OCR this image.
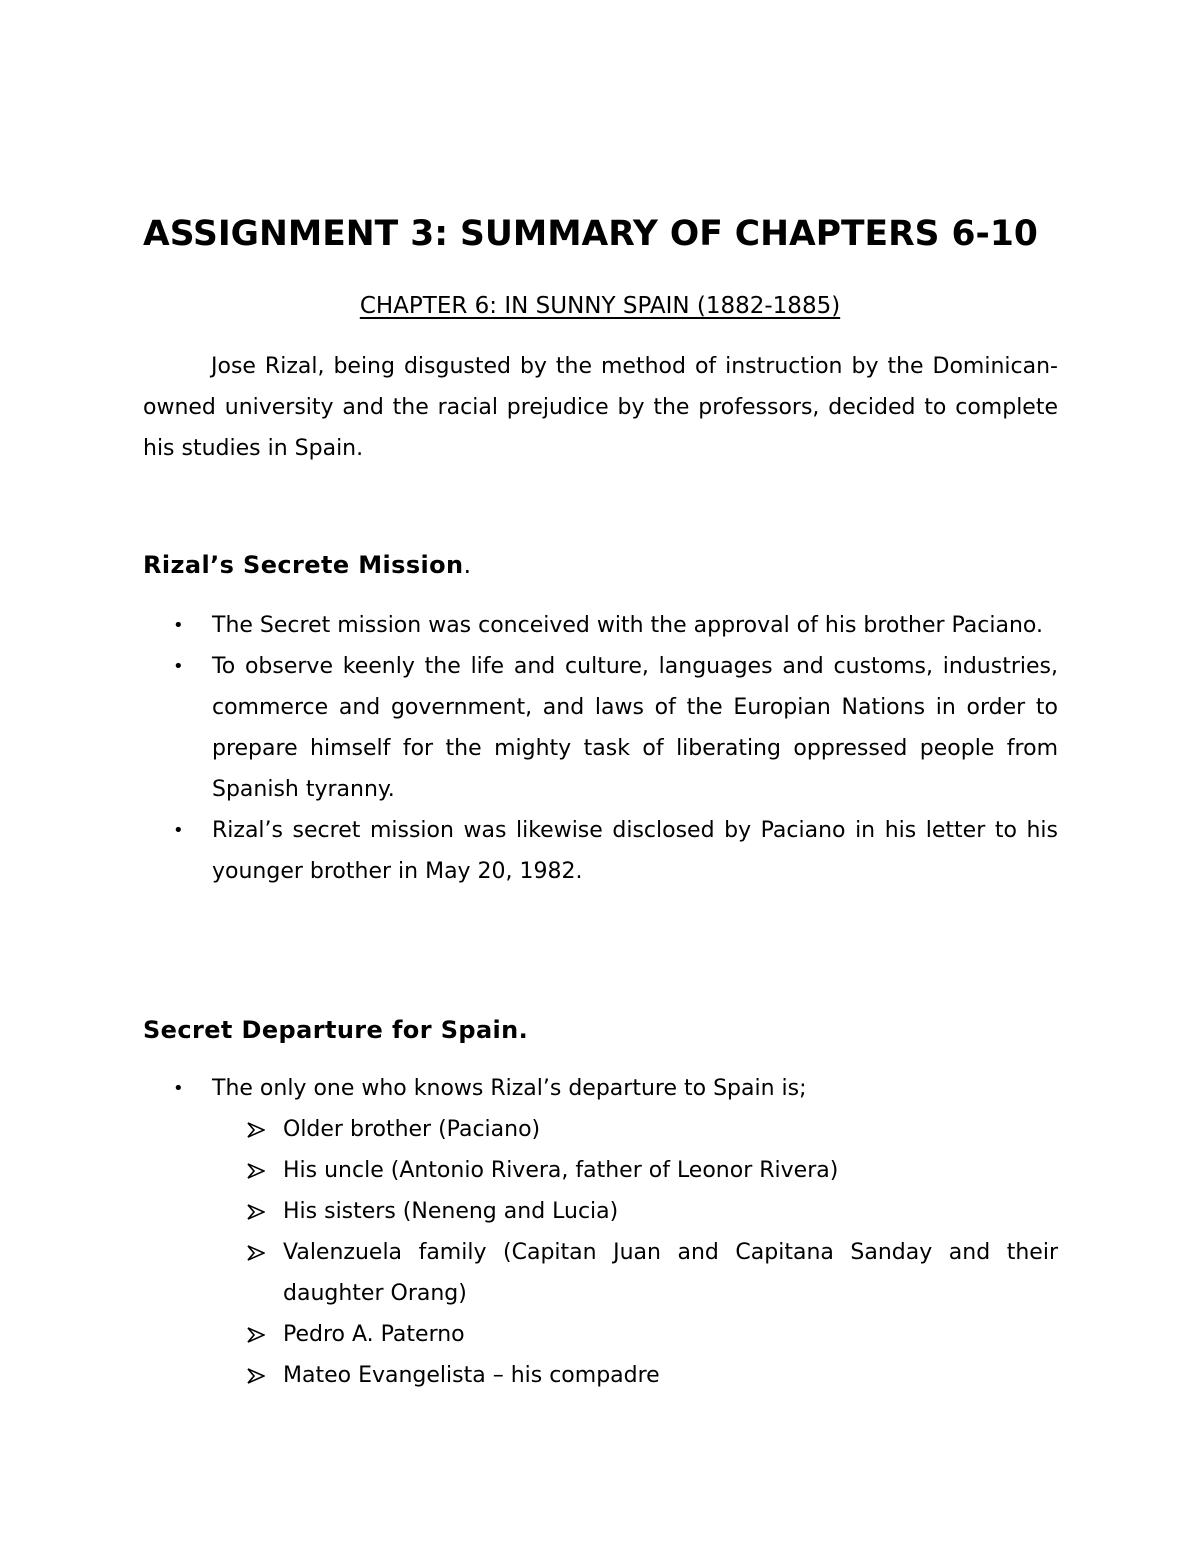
ASSIGNMENT 3: SUMMARY OF CHAPTERS 6-10
CHAPTER 6: IN SUNNY SPAIN (1882-1885)

Jose Rizal, being disgusted by the method of instruction by the Dominican-owned university and the racial prejudice by the professors, decided to complete his studies in Spain.

Rizal’s Secrete Mission.
• The Secret mission was conceived with the approval of his brother Paciano.
• To observe keenly the life and culture, languages and customs, industries, commerce and government, and laws of the Europian Nations in order to prepare himself for the mighty task of liberating oppressed people from Spanish tyranny.
• Rizal’s secret mission was likewise disclosed by Paciano in his letter to his younger brother in May 20, 1982.
Secret Departure for Spain.
• The only one who knows Rizal’s departure to Spain is;
Older brother (Paciano)
His uncle (Antonio Rivera, father of Leonor Rivera)
His sisters (Neneng and Lucia)
Valenzuela family (Capitan Juan and Capitana Sanday and their daughter Orang)
Pedro A. Paterno
Mateo Evangelista – his compadre
